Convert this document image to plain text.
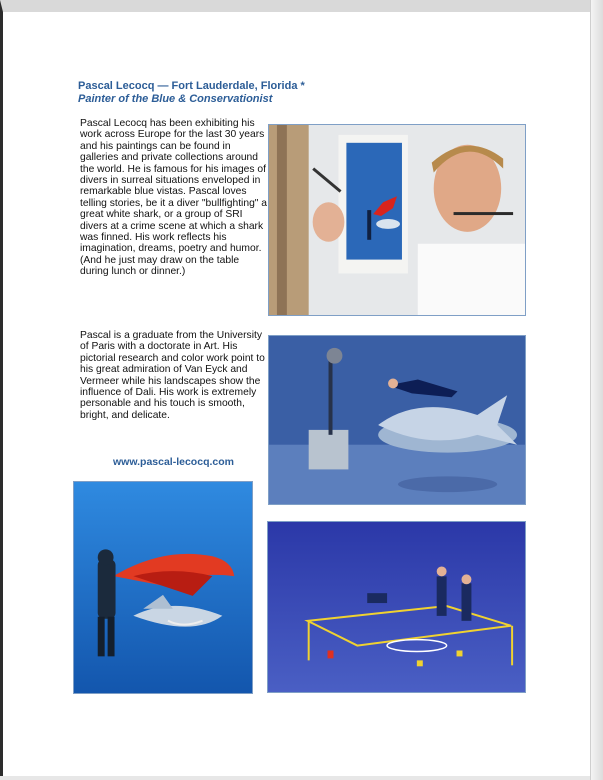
Pascal Lecocq — Fort Lauderdale, Florida *
Painter of the Blue & Conservationist

Pascal Lecocq has been exhibiting his work across Europe for the last 30 years and his paintings can be found in galleries and private collections around the world. He is famous for his images of divers in surreal situations enveloped in remarkable blue vistas. Pascal loves telling stories, be it a diver "bullfighting" a great white shark, or a group of SRI divers at a crime scene at which a shark was finned. His work reflects his imagination, dreams, poetry and humor. (And he just may draw on the table during lunch or dinner.)

Pascal is a graduate from the University of Paris with a doctorate in Art. His pictorial research and color work point to his great admiration of Van Eyck and Vermeer while his landscapes show the influence of Dali. His work is extremely personable and his touch is smooth, bright, and delicate.

www.pascal-lecocq.com
